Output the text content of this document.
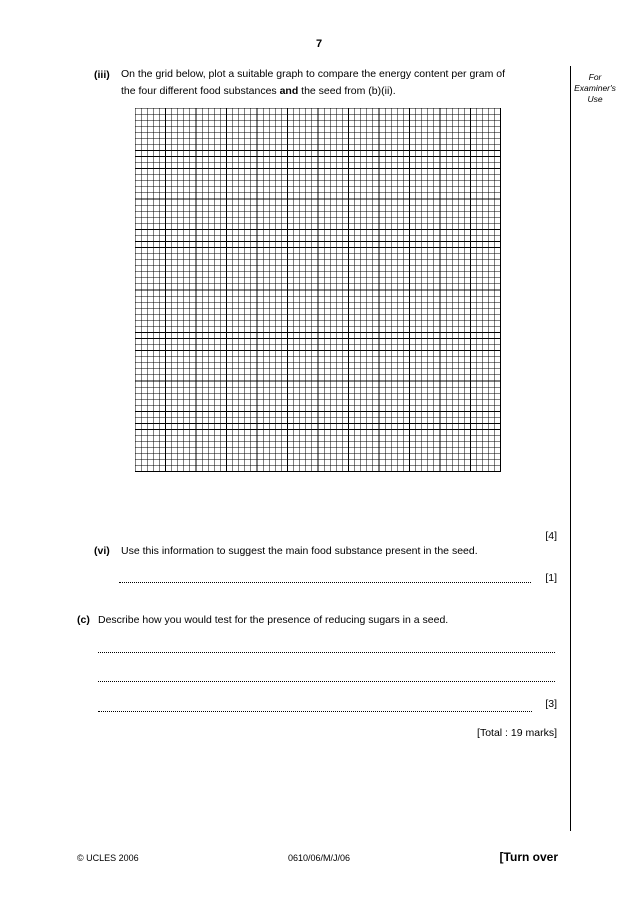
7
For
Examiner's
Use
(iii) On the grid below, plot a suitable graph to compare the energy content per gram of
the four different food substances and the seed from (b)(ii).
[4]
(vi) Use this information to suggest the main food substance present in the seed.
[1]
(c) Describe how you would test for the presence of reducing sugars in a seed.
[3]
[Total : 19 marks]
© UCLES 2006	0610/06/M/J/06	[Turn over
